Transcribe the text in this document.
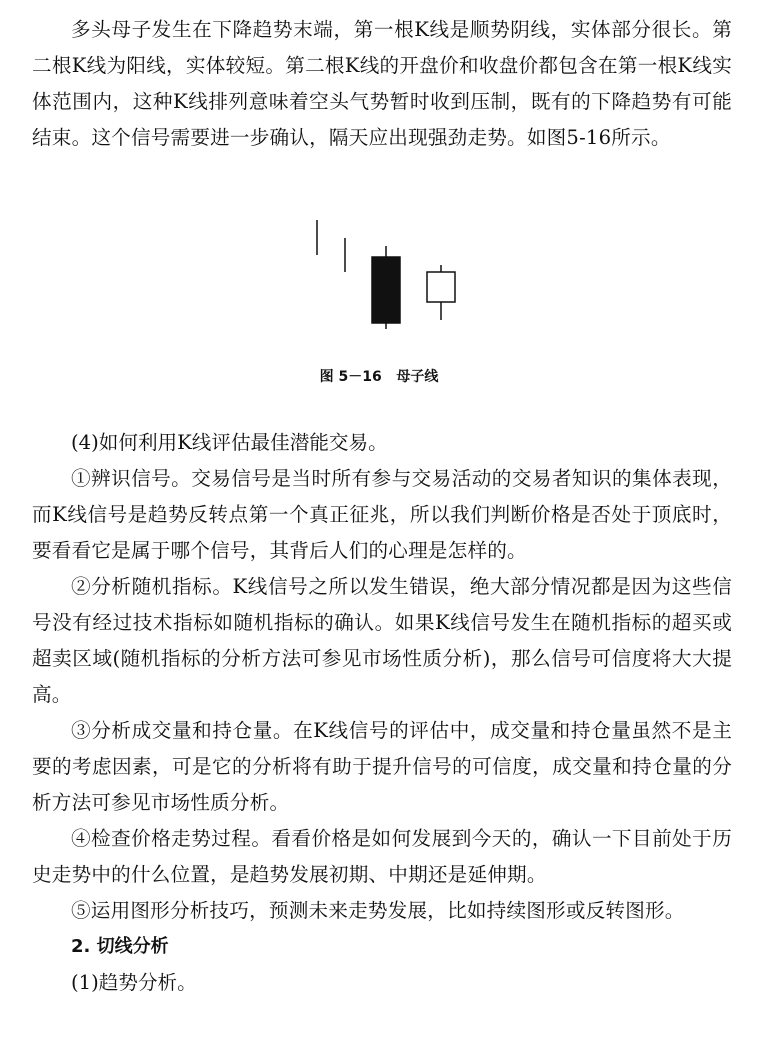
多头母子发生在下降趋势末端，第一根K线是顺势阴线，实体部分很长。第二根K线为阳线，实体较短。第二根K线的开盘价和收盘价都包含在第一根K线实体范围内，这种K线排列意味着空头气势暂时收到压制，既有的下降趋势有可能结束。这个信号需要进一步确认，隔天应出现强劲走势。如图5-16所示。

图 5－16   母子线

(4)如何利用K线评估最佳潜能交易。

①辨识信号。交易信号是当时所有参与交易活动的交易者知识的集体表现，而K线信号是趋势反转点第一个真正征兆，所以我们判断价格是否处于顶底时，要看看它是属于哪个信号，其背后人们的心理是怎样的。

②分析随机指标。K线信号之所以发生错误，绝大部分情况都是因为这些信号没有经过技术指标如随机指标的确认。如果K线信号发生在随机指标的超买或超卖区域(随机指标的分析方法可参见市场性质分析)，那么信号可信度将大大提高。

③分析成交量和持仓量。在K线信号的评估中，成交量和持仓量虽然不是主要的考虑因素，可是它的分析将有助于提升信号的可信度，成交量和持仓量的分析方法可参见市场性质分析。

④检查价格走势过程。看看价格是如何发展到今天的，确认一下目前处于历史走势中的什么位置，是趋势发展初期、中期还是延伸期。

⑤运用图形分析技巧，预测未来走势发展，比如持续图形或反转图形。

2. 切线分析

(1)趋势分析。
